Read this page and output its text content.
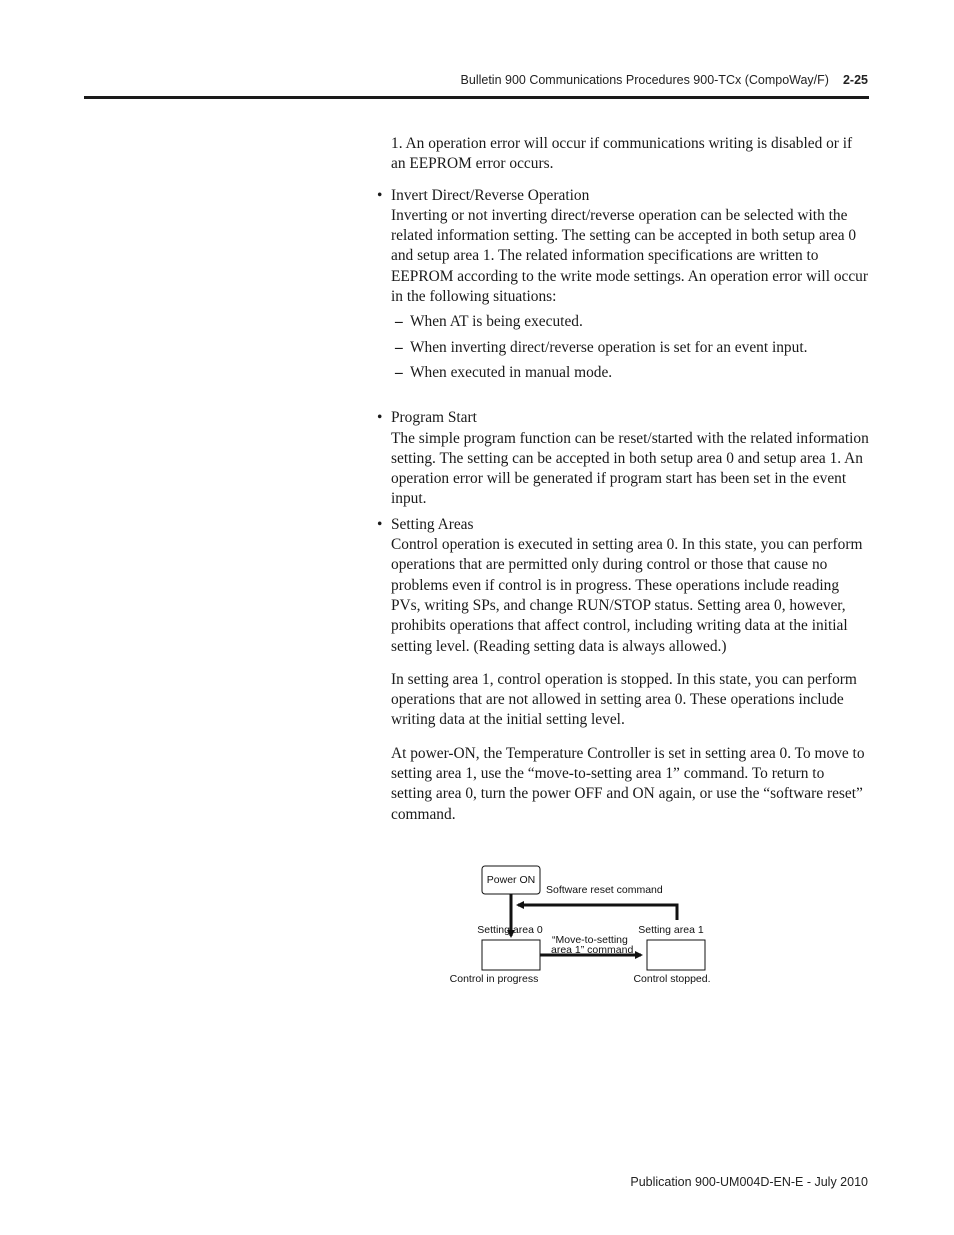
Bulletin 900 Communications Procedures 900-TCx (CompoWay/F) 2-25

1. An operation error will occur if communications writing is disabled or if an EEPROM error occurs.

• Invert Direct/Reverse Operation

Inverting or not inverting direct/reverse operation can be selected with the related information setting. The setting can be accepted in both setup area 0 and setup area 1. The related information specifications are written to EEPROM according to the write mode settings. An operation error will occur in the following situations:

– When AT is being executed.
– When inverting direct/reverse operation is set for an event input.
– When executed in manual mode.
• Program Start

The simple program function can be reset/started with the related information setting. The setting can be accepted in both setup area 0 and setup area 1. An operation error will be generated if program start has been set in the event input.

• Setting Areas

Control operation is executed in setting area 0. In this state, you can perform operations that are permitted only during control or those that cause no problems even if control is in progress. These operations include reading PVs, writing SPs, and change RUN/STOP status. Setting area 0, however, prohibits operations that affect control, including writing data at the initial setting level. (Reading setting data is always allowed.)

In setting area 1, control operation is stopped. In this state, you can perform operations that are not allowed in setting area 0. These operations include writing data at the initial setting level.

At power-ON, the Temperature Controller is set in setting area 0. To move to setting area 1, use the “move-to-setting area 1” command. To return to setting area 0, turn the power OFF and ON again, or use the “software reset” command.

Power ON
Software reset command
Setting area 0	Setting area 1
“Move-to-setting
area 1” command
Control in progress	Control stopped.
Publication 900-UM004D-EN-E - July 2010
